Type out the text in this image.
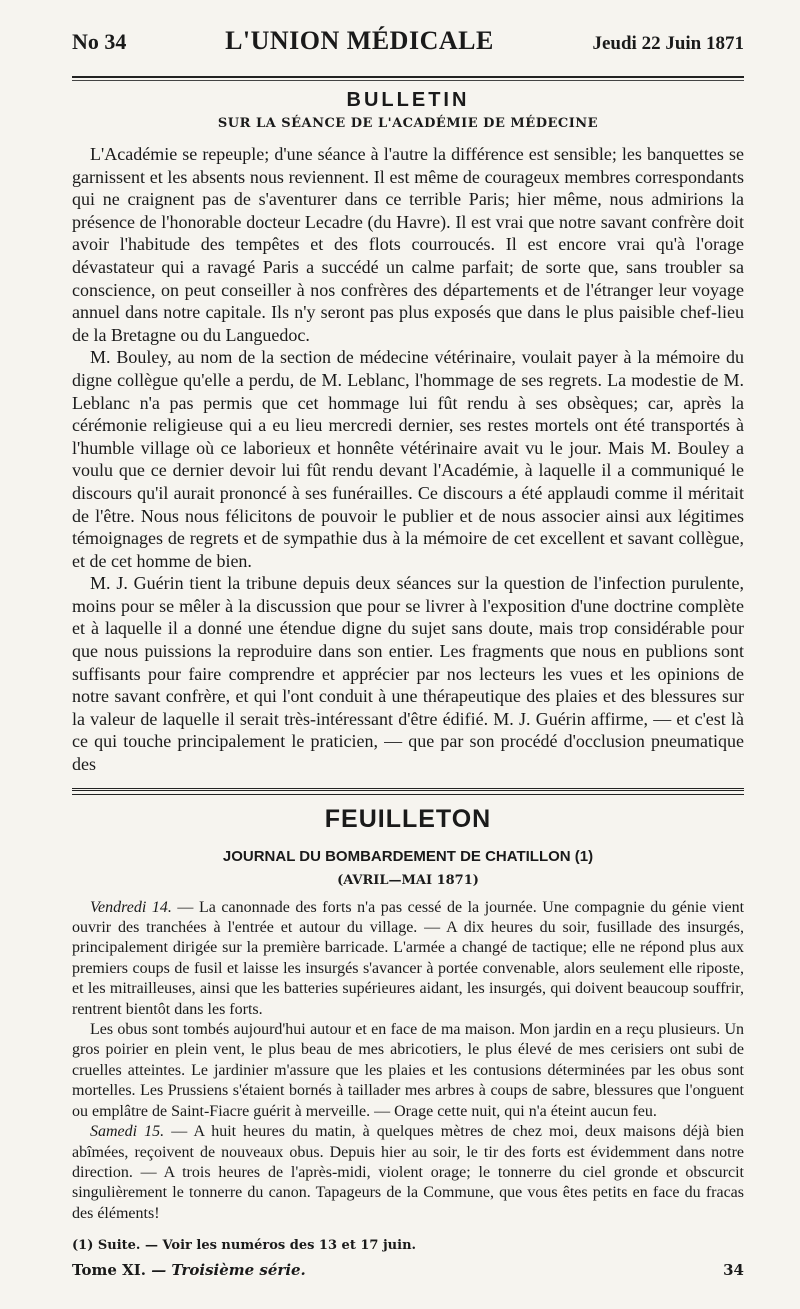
No 34	L'UNION MÉDICALE	Jeudi 22 Juin 1871
BULLETIN
SUR LA SÉANCE DE L'ACADÉMIE DE MÉDECINE

L'Académie se repeuple; d'une séance à l'autre la différence est sensible; les banquettes se garnissent et les absents nous reviennent. Il est même de courageux membres correspondants qui ne craignent pas de s'aventurer dans ce terrible Paris; hier même, nous admirions la présence de l'honorable docteur Lecadre (du Havre). Il est vrai que notre savant confrère doit avoir l'habitude des tempêtes et des flots courroucés. Il est encore vrai qu'à l'orage dévastateur qui a ravagé Paris a succédé un calme parfait; de sorte que, sans troubler sa conscience, on peut conseiller à nos confrères des départements et de l'étranger leur voyage annuel dans notre capitale. Ils n'y seront pas plus exposés que dans le plus paisible chef-lieu de la Bretagne ou du Languedoc.

M. Bouley, au nom de la section de médecine vétérinaire, voulait payer à la mémoire du digne collègue qu'elle a perdu, de M. Leblanc, l'hommage de ses regrets. La modestie de M. Leblanc n'a pas permis que cet hommage lui fût rendu à ses obsèques; car, après la cérémonie religieuse qui a eu lieu mercredi dernier, ses restes mortels ont été transportés à l'humble village où ce laborieux et honnête vétérinaire avait vu le jour. Mais M. Bouley a voulu que ce dernier devoir lui fût rendu devant l'Académie, à laquelle il a communiqué le discours qu'il aurait prononcé à ses funérailles. Ce discours a été applaudi comme il méritait de l'être. Nous nous félicitons de pouvoir le publier et de nous associer ainsi aux légitimes témoignages de regrets et de sympathie dus à la mémoire de cet excellent et savant collègue, et de cet homme de bien.

M. J. Guérin tient la tribune depuis deux séances sur la question de l'infection purulente, moins pour se mêler à la discussion que pour se livrer à l'exposition d'une doctrine complète et à laquelle il a donné une étendue digne du sujet sans doute, mais trop considérable pour que nous puissions la reproduire dans son entier. Les fragments que nous en publions sont suffisants pour faire comprendre et apprécier par nos lecteurs les vues et les opinions de notre savant confrère, et qui l'ont conduit à une thérapeutique des plaies et des blessures sur la valeur de laquelle il serait très-intéressant d'être édifié. M. J. Guérin affirme, — et c'est là ce qui touche principalement le praticien, — que par son procédé d'occlusion pneumatique des

FEUILLETON
JOURNAL DU BOMBARDEMENT DE CHATILLON (1)
(AVRIL—MAI 1871)

Vendredi 14. — La canonnade des forts n'a pas cessé de la journée. Une compagnie du génie vient ouvrir des tranchées à l'entrée et autour du village. — A dix heures du soir, fusillade des insurgés, principalement dirigée sur la première barricade. L'armée a changé de tactique; elle ne répond plus aux premiers coups de fusil et laisse les insurgés s'avancer à portée convenable, alors seulement elle riposte, et les mitrailleuses, ainsi que les batteries supérieures aidant, les insurgés, qui doivent beaucoup souffrir, rentrent bientôt dans les forts.

Les obus sont tombés aujourd'hui autour et en face de ma maison. Mon jardin en a reçu plusieurs. Un gros poirier en plein vent, le plus beau de mes abricotiers, le plus élevé de mes cerisiers ont subi de cruelles atteintes. Le jardinier m'assure que les plaies et les contusions déterminées par les obus sont mortelles. Les Prussiens s'étaient bornés à taillader mes arbres à coups de sabre, blessures que l'onguent ou emplâtre de Saint-Fiacre guérit à merveille. — Orage cette nuit, qui n'a éteint aucun feu.

Samedi 15. — A huit heures du matin, à quelques mètres de chez moi, deux maisons déjà bien abîmées, reçoivent de nouveaux obus. Depuis hier au soir, le tir des forts est évidemment dans notre direction. — A trois heures de l'après-midi, violent orage; le tonnerre du ciel gronde et obscurcit singulièrement le tonnerre du canon. Tapageurs de la Commune, que vous êtes petits en face du fracas des éléments!

(1) Suite. — Voir les numéros des 13 et 17 juin.
Tome XI. — Troisième série.	34
